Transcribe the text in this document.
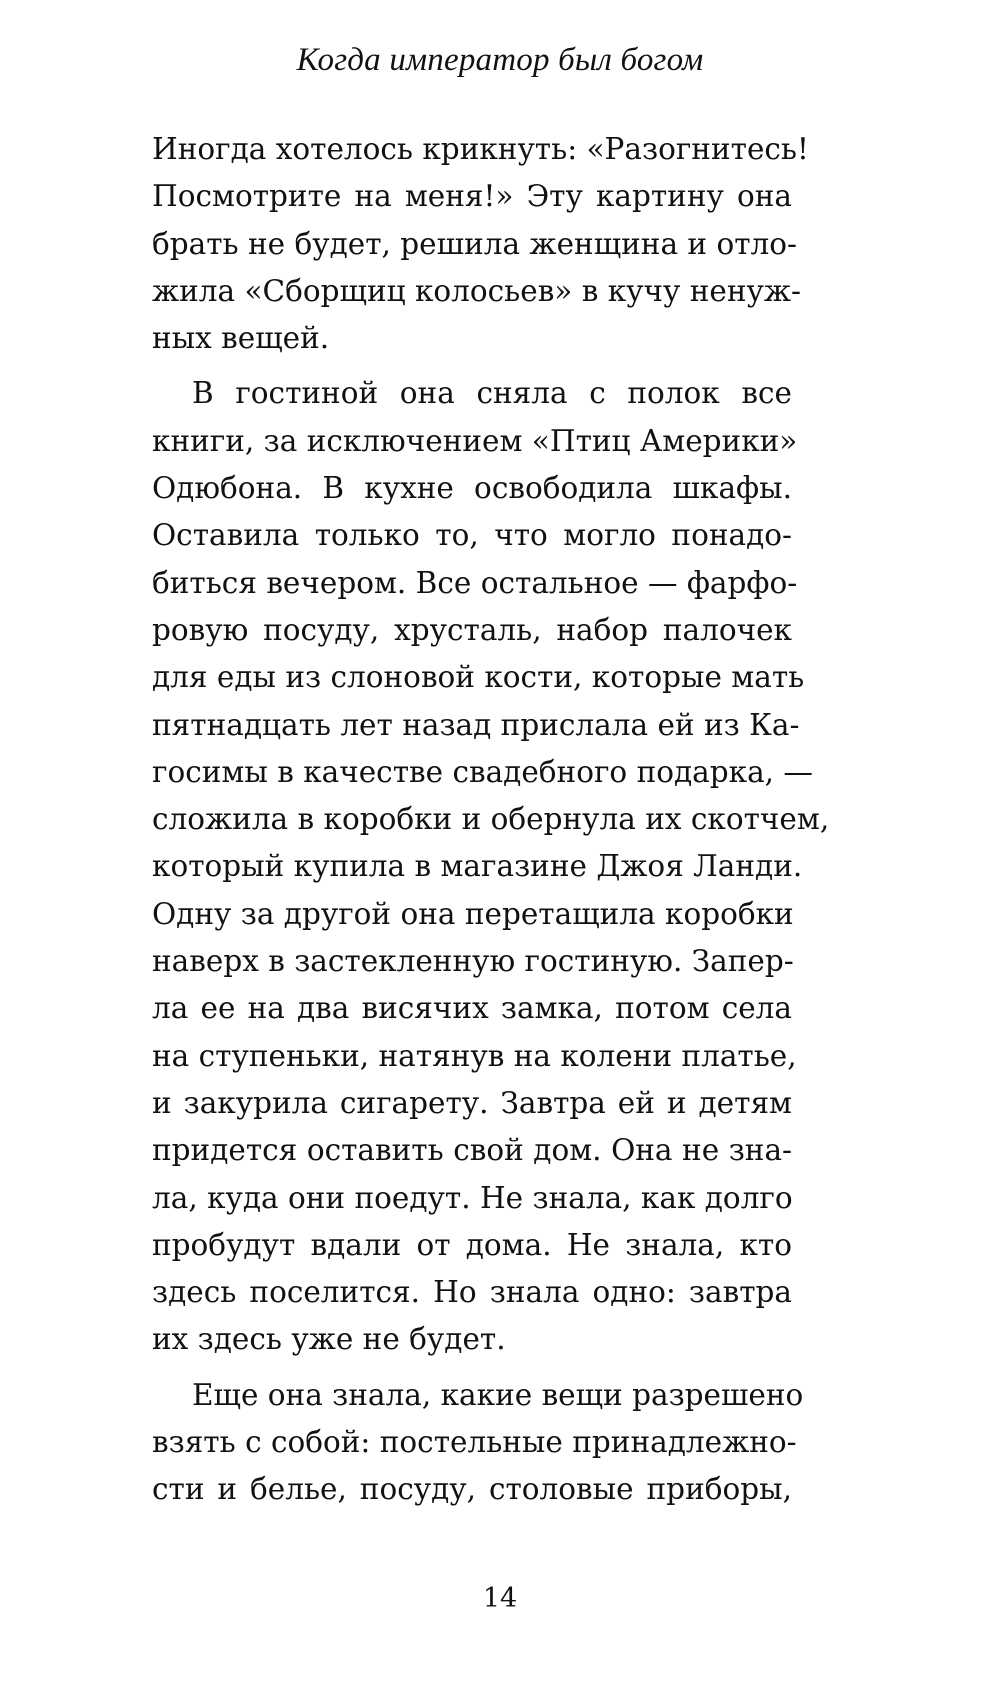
Когда император был богом
Иногда хотелось крикнуть: «Разогнитесь!
Посмотрите на меня!» Эту картину она
брать не будет, решила женщина и отло-
жила «Сборщиц колосьев» в кучу ненуж-
ных вещей.
В гостиной она сняла с полок все
книги, за исключением «Птиц Америки»
Одюбона. В кухне освободила шкафы.
Оставила только то, что могло понадо-
биться вечером. Все остальное — фарфо-
ровую посуду, хрусталь, набор палочек
для еды из слоновой кости, которые мать
пятнадцать лет назад прислала ей из Ка-
госимы в качестве свадебного подарка, —
сложила в коробки и обернула их скотчем,
который купила в магазине Джоя Ланди.
Одну за другой она перетащила коробки
наверх в застекленную гостиную. Запер-
ла ее на два висячих замка, потом села
на ступеньки, натянув на колени платье,
и закурила сигарету. Завтра ей и детям
придется оставить свой дом. Она не зна-
ла, куда они поедут. Не знала, как долго
пробудут вдали от дома. Не знала, кто
здесь поселится. Но знала одно: завтра
их здесь уже не будет.
Еще она знала, какие вещи разрешено
взять с собой: постельные принадлежно-
сти и белье, посуду, столовые приборы,
14
